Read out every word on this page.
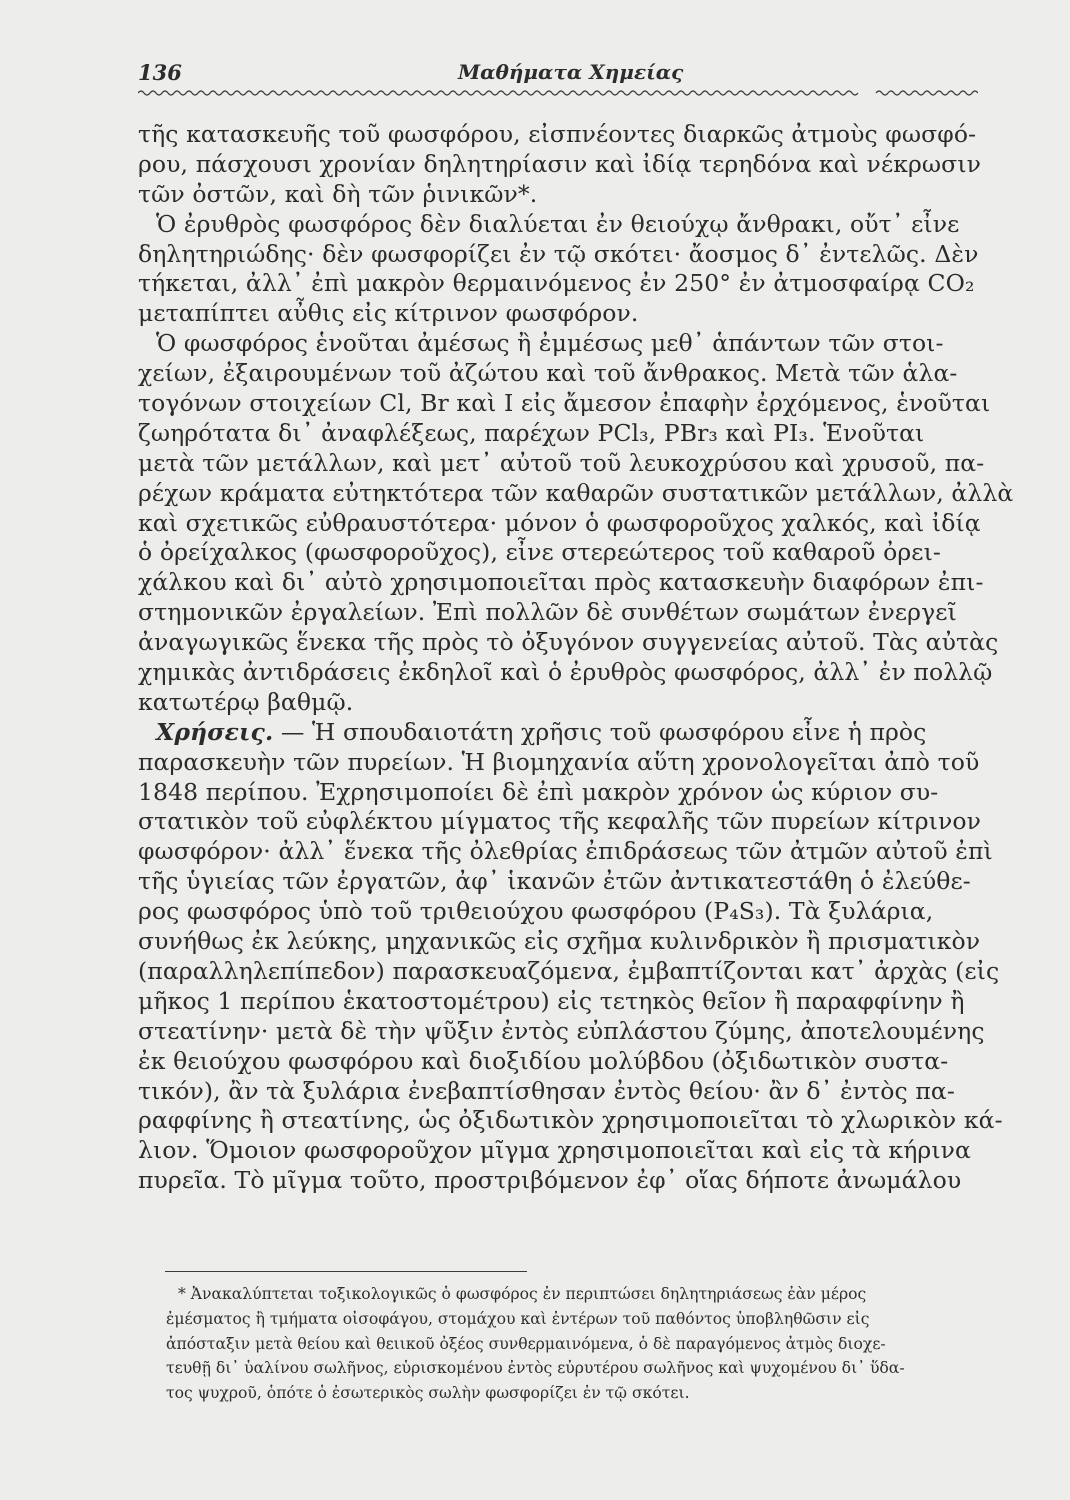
136	Μαθήματα Χημείας
τῆς κατασκευῆς τοῦ φωσφόρου, εἰσπνέοντες διαρκῶς ἀτμοὺς φωσφό-
ρου, πάσχουσι χρονίαν δηλητηρίασιν καὶ ἰδίᾳ τερηδόνα καὶ νέκρωσιν
τῶν ὀστῶν, καὶ δὴ τῶν ῥινικῶν*.
Ὁ ἐρυθρὸς φωσφόρος δὲν διαλύεται ἐν θειούχῳ ἄνθρακι, οὔτ᾽ εἶνε
δηλητηριώδης· δὲν φωσφορίζει ἐν τῷ σκότει· ἄοσμος δ᾽ ἐντελῶς. Δὲν
τήκεται, ἀλλ᾽ ἐπὶ μακρὸν θερμαινόμενος ἐν 250° ἐν ἀτμοσφαίρᾳ CO₂
μεταπίπτει αὖθις εἰς κίτρινον φωσφόρον.
Ὁ φωσφόρος ἑνοῦται ἀμέσως ἢ ἐμμέσως μεθ᾽ ἁπάντων τῶν στοι-
χείων, ἐξαιρουμένων τοῦ ἀζώτου καὶ τοῦ ἄνθρακος. Μετὰ τῶν ἁλα-
τογόνων στοιχείων Cl, Br καὶ I εἰς ἄμεσον ἐπαφὴν ἐρχόμενος, ἑνοῦται
ζωηρότατα δι᾽ ἀναφλέξεως, παρέχων PCl₃, PBr₃ καὶ PI₃. Ἑνοῦται
μετὰ τῶν μετάλλων, καὶ μετ᾽ αὐτοῦ τοῦ λευκοχρύσου καὶ χρυσοῦ, πα-
ρέχων κράματα εὐτηκτότερα τῶν καθαρῶν συστατικῶν μετάλλων, ἀλλὰ
καὶ σχετικῶς εὐθραυστότερα· μόνον ὁ φωσφοροῦχος χαλκός, καὶ ἰδίᾳ
ὁ ὀρείχαλκος (φωσφοροῦχος), εἶνε στερεώτερος τοῦ καθαροῦ ὀρει-
χάλκου καὶ δι᾽ αὐτὸ χρησιμοποιεῖται πρὸς κατασκευὴν διαφόρων ἐπι-
στημονικῶν ἐργαλείων. Ἐπὶ πολλῶν δὲ συνθέτων σωμάτων ἐνεργεῖ
ἀναγωγικῶς ἕνεκα τῆς πρὸς τὸ ὀξυγόνον συγγενείας αὐτοῦ. Τὰς αὐτὰς
χημικὰς ἀντιδράσεις ἐκδηλοῖ καὶ ὁ ἐρυθρὸς φωσφόρος, ἀλλ᾽ ἐν πολλῷ
κατωτέρῳ βαθμῷ.
Χρήσεις. — Ἡ σπουδαιοτάτη χρῆσις τοῦ φωσφόρου εἶνε ἡ πρὸς
παρασκευὴν τῶν πυρείων. Ἡ βιομηχανία αὕτη χρονολογεῖται ἀπὸ τοῦ
1848 περίπου. Ἐχρησιμοποίει δὲ ἐπὶ μακρὸν χρόνον ὡς κύριον συ-
στατικὸν τοῦ εὐφλέκτου μίγματος τῆς κεφαλῆς τῶν πυρείων κίτρινον
φωσφόρον· ἀλλ᾽ ἕνεκα τῆς ὀλεθρίας ἐπιδράσεως τῶν ἀτμῶν αὐτοῦ ἐπὶ
τῆς ὑγιείας τῶν ἐργατῶν, ἀφ᾽ ἱκανῶν ἐτῶν ἀντικατεστάθη ὁ ἐλεύθε-
ρος φωσφόρος ὑπὸ τοῦ τριθειούχου φωσφόρου (P₄S₃). Τὰ ξυλάρια,
συνήθως ἐκ λεύκης, μηχανικῶς εἰς σχῆμα κυλινδρικὸν ἢ πρισματικὸν
(παραλληλεπίπεδον) παρασκευαζόμενα, ἐμβαπτίζονται κατ᾽ ἀρχὰς (εἰς
μῆκος 1 περίπου ἑκατοστομέτρου) εἰς τετηκὸς θεῖον ἢ παραφφίνην ἢ
στεατίνην· μετὰ δὲ τὴν ψῦξιν ἐντὸς εὐπλάστου ζύμης, ἀποτελουμένης
ἐκ θειούχου φωσφόρου καὶ διοξιδίου μολύβδου (ὀξιδωτικὸν συστα-
τικόν), ἂν τὰ ξυλάρια ἐνεβαπτίσθησαν ἐντὸς θείου· ἂν δ᾽ ἐντὸς πα-
ραφφίνης ἢ στεατίνης, ὡς ὀξιδωτικὸν χρησιμοποιεῖται τὸ χλωρικὸν κά-
λιον. Ὅμοιον φωσφοροῦχον μῖγμα χρησιμοποιεῖται καὶ εἰς τὰ κήρινα
πυρεῖα. Τὸ μῖγμα τοῦτο, προστριβόμενον ἐφ᾽ οἵας δήποτε ἀνωμάλου
* Ἀνακαλύπτεται τοξικολογικῶς ὁ φωσφόρος ἐν περιπτώσει δηλητηριάσεως ἐὰν μέρος
ἐμέσματος ἢ τμήματα οἰσοφάγου, στομάχου καὶ ἐντέρων τοῦ παθόντος ὑποβληθῶσιν εἰς
ἀπόσταξιν μετὰ θείου καὶ θειικοῦ ὀξέος συνθερμαινόμενα, ὁ δὲ παραγόμενος ἀτμὸς διοχε-
τευθῇ δι᾽ ὑαλίνου σωλῆνος, εὑρισκομένου ἐντὸς εὐρυτέρου σωλῆνος καὶ ψυχομένου δι᾽ ὕδα-
τος ψυχροῦ, ὁπότε ὁ ἐσωτερικὸς σωλὴν φωσφορίζει ἐν τῷ σκότει.
